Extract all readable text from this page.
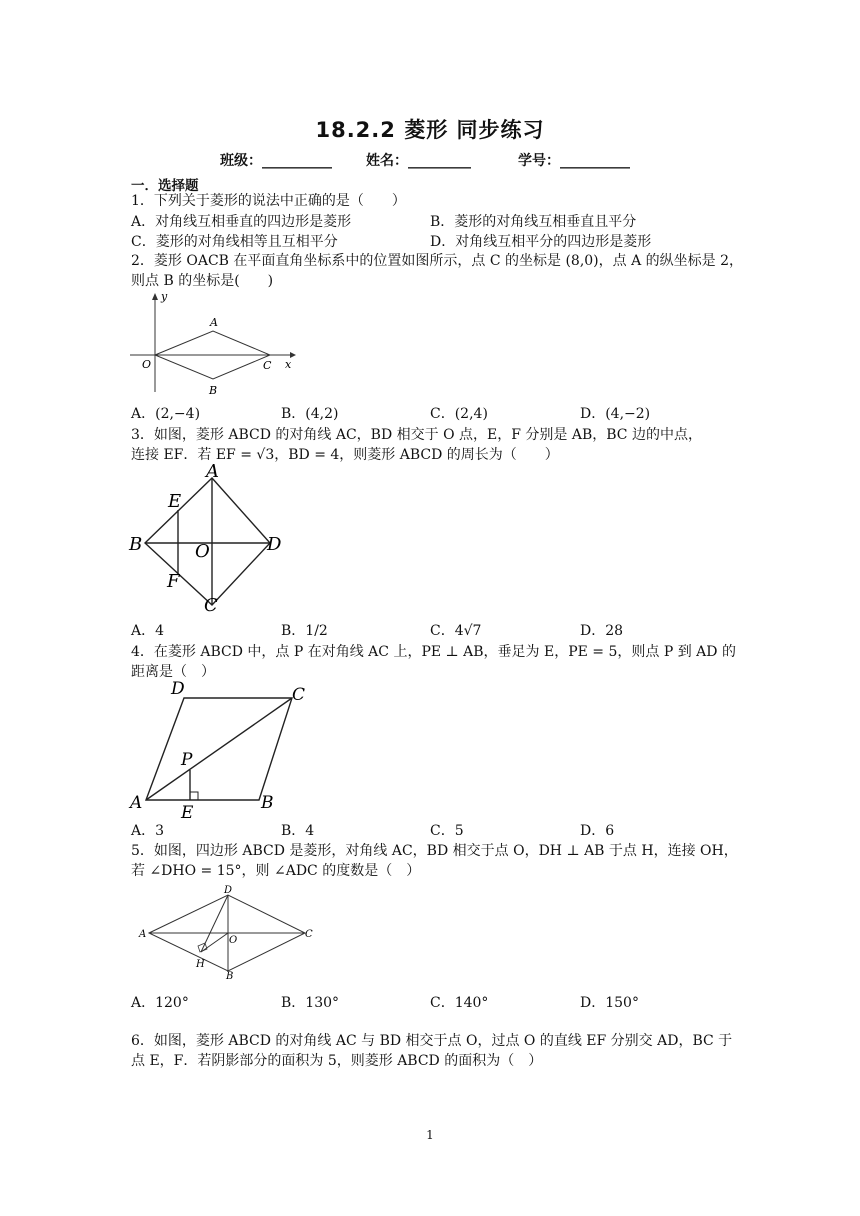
18.2.2 菱形 同步练习
班级：__________ 姓名：_________	学号：__________
一．选择题
1．下列关于菱形的说法中正确的是（　　）
A．对角线互相垂直的四边形是菱形	B．菱形的对角线互相垂直且平分
C．菱形的对角线相等且互相平分	D．对角线互相平分的四边形是菱形
2．菱形 OACB 在平面直角坐标系中的位置如图所示，点 C 的坐标是 (8,0)，点 A 的纵坐标是 2，
则点 B 的坐标是(　　)
y
A
O	C x
B
A．(2,−4)	B．(4,2)	C．(2,4)	D．(4,−2)
3．如图，菱形 ABCD 的对角线 AC，BD 相交于 O 点，E，F 分别是 AB，BC 边的中点，
连接 EF．若 EF = √3，BD = 4，则菱形 ABCD 的周长为（　　）
A
E
B	O	D
F
C
A．4	B．1/2	C．4√7	D．28
4．在菱形 ABCD 中，点 P 在对角线 AC 上，PE ⊥ AB，垂足为 E，PE = 5，则点 P 到 AD 的
距离是（　）
D	C
P
A E	B
A．3	B．4	C．5	D．6
5．如图，四边形 ABCD 是菱形，对角线 AC，BD 相交于点 O，DH ⊥ AB 于点 H，连接 OH，
若 ∠DHO = 15°，则 ∠ADC 的度数是（　）
D
A
O
C
H
B
A．120°	B．130°	C．140°	D．150°
6．如图，菱形 ABCD 的对角线 AC 与 BD 相交于点 O，过点 O 的直线 EF 分别交 AD，BC 于
点 E，F．若阴影部分的面积为 5，则菱形 ABCD 的面积为（　）
1
